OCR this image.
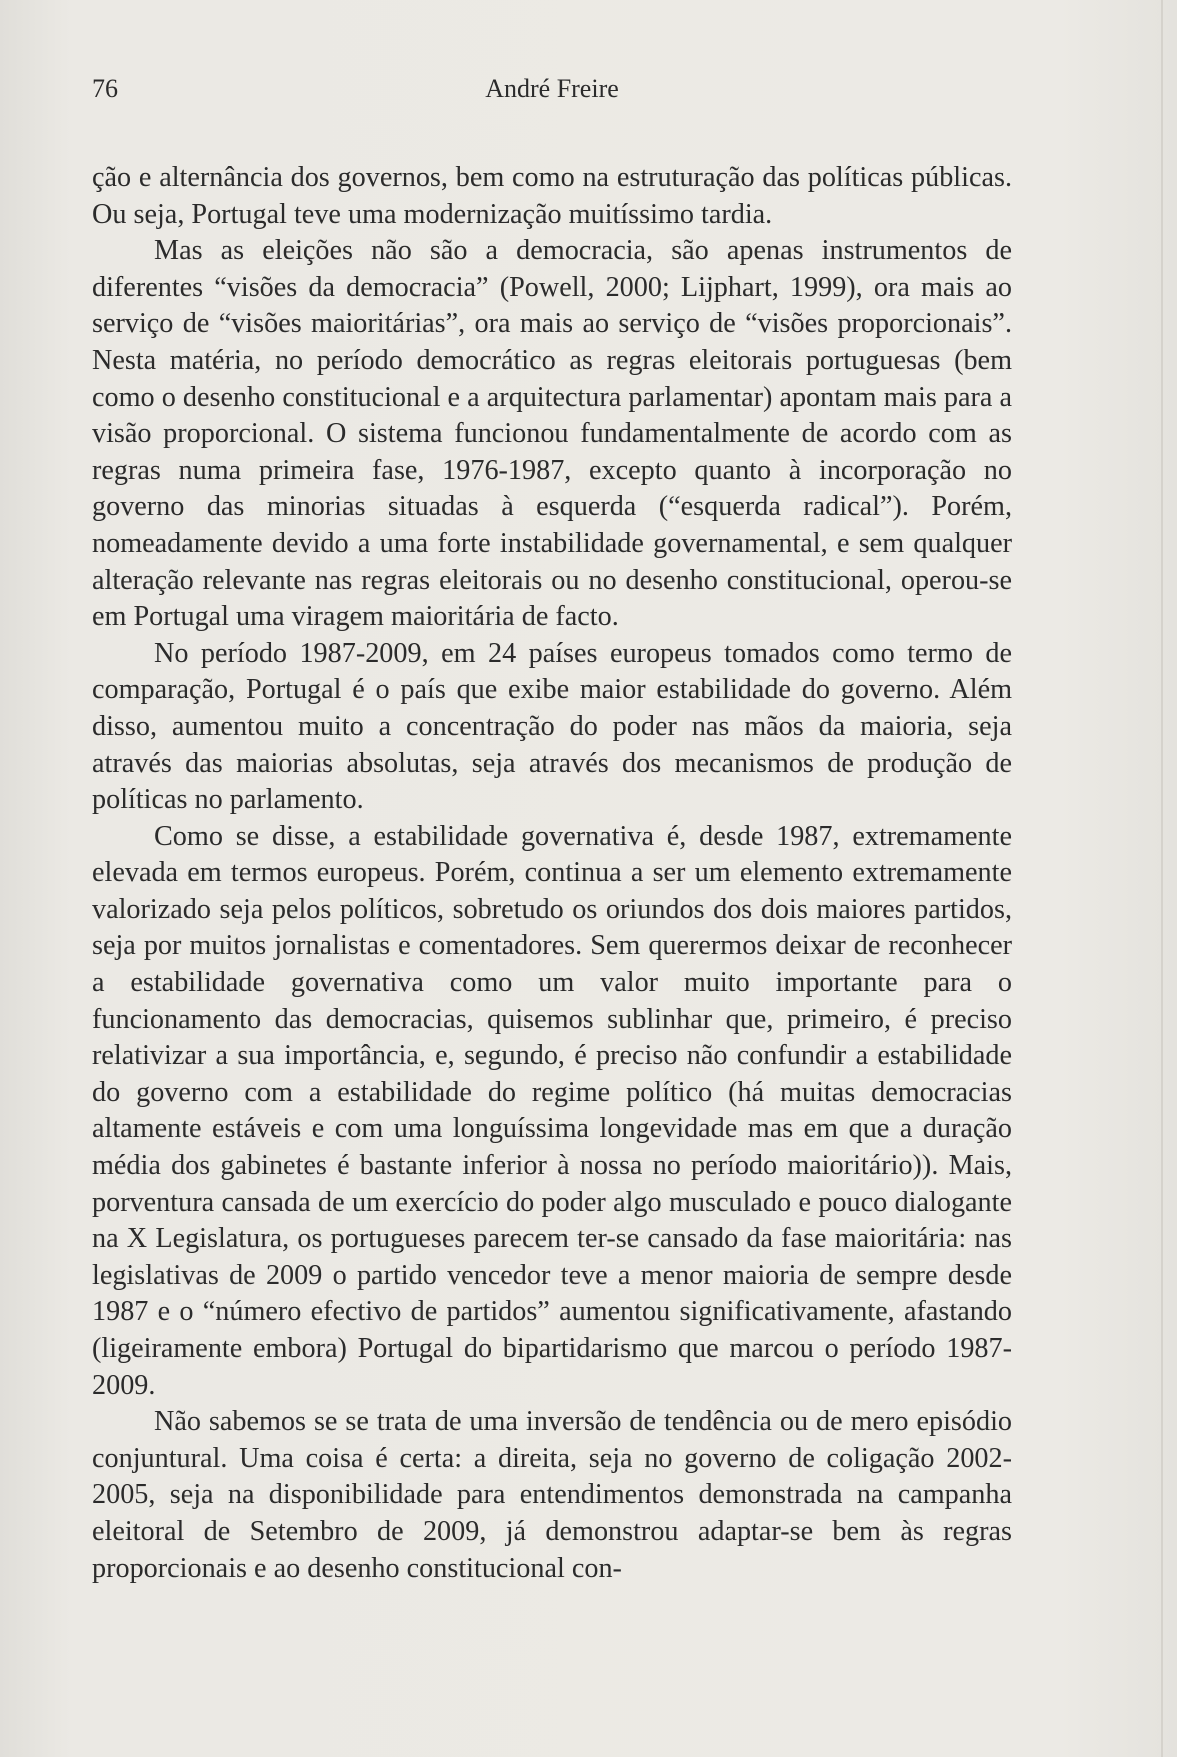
76	André Freire

ção e alternância dos governos, bem como na estruturação das políticas públicas. Ou seja, Portugal teve uma modernização muitíssimo tardia.

Mas as eleições não são a democracia, são apenas instrumentos de diferentes “visões da democracia” (Powell, 2000; Lijphart, 1999), ora mais ao serviço de “visões maioritárias”, ora mais ao serviço de “visões proporcionais”. Nesta matéria, no período democrático as regras eleitorais portuguesas (bem como o desenho constitucional e a arquitectura parlamentar) apontam mais para a visão proporcional. O sistema funcionou fundamentalmente de acordo com as regras numa primeira fase, 1976-1987, excepto quanto à incorporação no governo das minorias situadas à esquerda (“esquerda radical”). Porém, nomeadamente devido a uma forte instabilidade governamental, e sem qualquer alteração relevante nas regras eleitorais ou no desenho constitucional, operou-se em Portugal uma viragem maioritária de facto.

No período 1987-2009, em 24 países europeus tomados como termo de comparação, Portugal é o país que exibe maior estabilidade do governo. Além disso, aumentou muito a concentração do poder nas mãos da maioria, seja através das maiorias absolutas, seja através dos mecanismos de produção de políticas no parlamento.

Como se disse, a estabilidade governativa é, desde 1987, extremamente elevada em termos europeus. Porém, continua a ser um elemento extremamente valorizado seja pelos políticos, sobretudo os oriundos dos dois maiores partidos, seja por muitos jornalistas e comentadores. Sem querermos deixar de reconhecer a estabilidade governativa como um valor muito importante para o funcionamento das democracias, quisemos sublinhar que, primeiro, é preciso relativizar a sua importância, e, segundo, é preciso não confundir a estabilidade do governo com a estabilidade do regime político (há muitas democracias altamente estáveis e com uma longuíssima longevidade mas em que a duração média dos gabinetes é bastante inferior à nossa no período maioritário)). Mais, porventura cansada de um exercício do poder algo musculado e pouco dialogante na X Legislatura, os portugueses parecem ter-se cansado da fase maioritária: nas legislativas de 2009 o partido vencedor teve a menor maioria de sempre desde 1987 e o “número efectivo de partidos” aumentou significativamente, afastando (ligeiramente embora) Portugal do bipartidarismo que marcou o período 1987-2009.

Não sabemos se se trata de uma inversão de tendência ou de mero episódio conjuntural. Uma coisa é certa: a direita, seja no governo de coligação 2002-2005, seja na disponibilidade para entendimentos demonstrada na campanha eleitoral de Setembro de 2009, já demonstrou adaptar-se bem às regras proporcionais e ao desenho constitucional con-
